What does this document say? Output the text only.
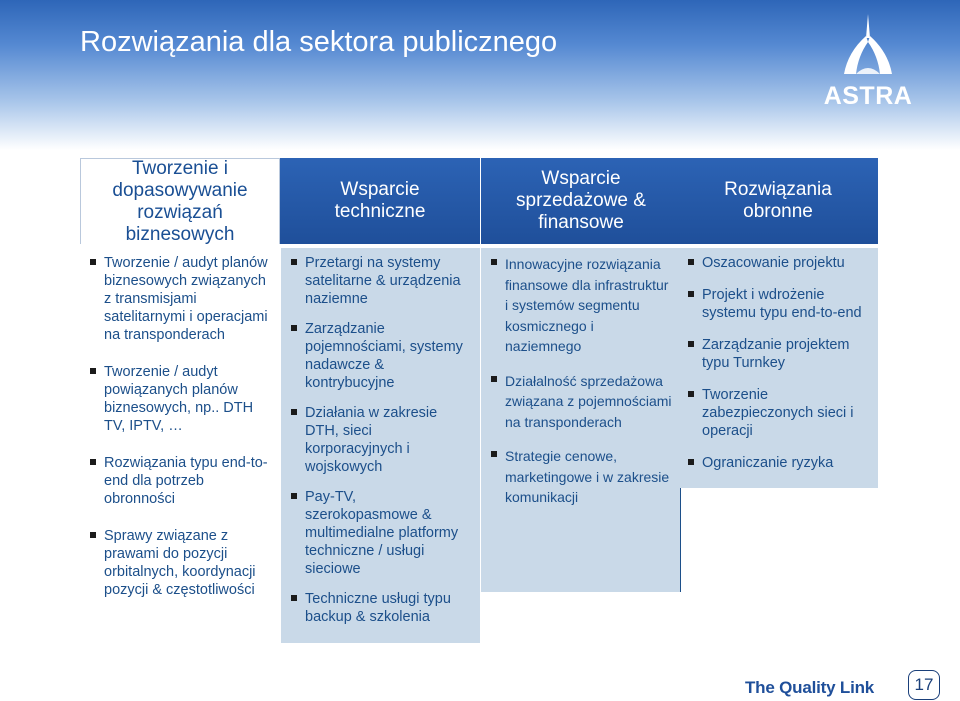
Rozwiązania dla sektora publicznego
ASTRA
Tworzenie i dopasowywanie rozwiązań biznesowych
Tworzenie / audyt planów biznesowych związanych z transmisjami satelitarnymi i operacjami na transponderach
Tworzenie / audyt powiązanych planów biznesowych, np.. DTH TV, IPTV, …
Rozwiązania typu end-to-end dla potrzeb obronności
Sprawy związane z prawami do pozycji orbitalnych, koordynacji pozycji & częstotliwości
Wsparcie techniczne
Przetargi na systemy satelitarne & urządzenia naziemne
Zarządzanie pojemnościami, systemy nadawcze & kontrybucyjne
Działania w zakresie DTH, sieci korporacyjnych i wojskowych
Pay-TV, szerokopasmowe & multimedialne platformy techniczne / usługi sieciowe
Techniczne usługi typu backup & szkolenia
Wsparcie sprzedażowe & finansowe
Innowacyjne rozwiązania finansowe dla infrastruktur i systemów segmentu kosmicznego i naziemnego
Działalność sprzedażowa związana z pojemnościami na transponderach
Strategie cenowe, marketingowe i w zakresie komunikacji
Rozwiązania obronne
Oszacowanie projektu
Projekt i wdrożenie systemu typu end-to-end
Zarządzanie projektem typu Turnkey
Tworzenie zabezpieczonych sieci i operacji
Ograniczanie ryzyka
The Quality Link	17
